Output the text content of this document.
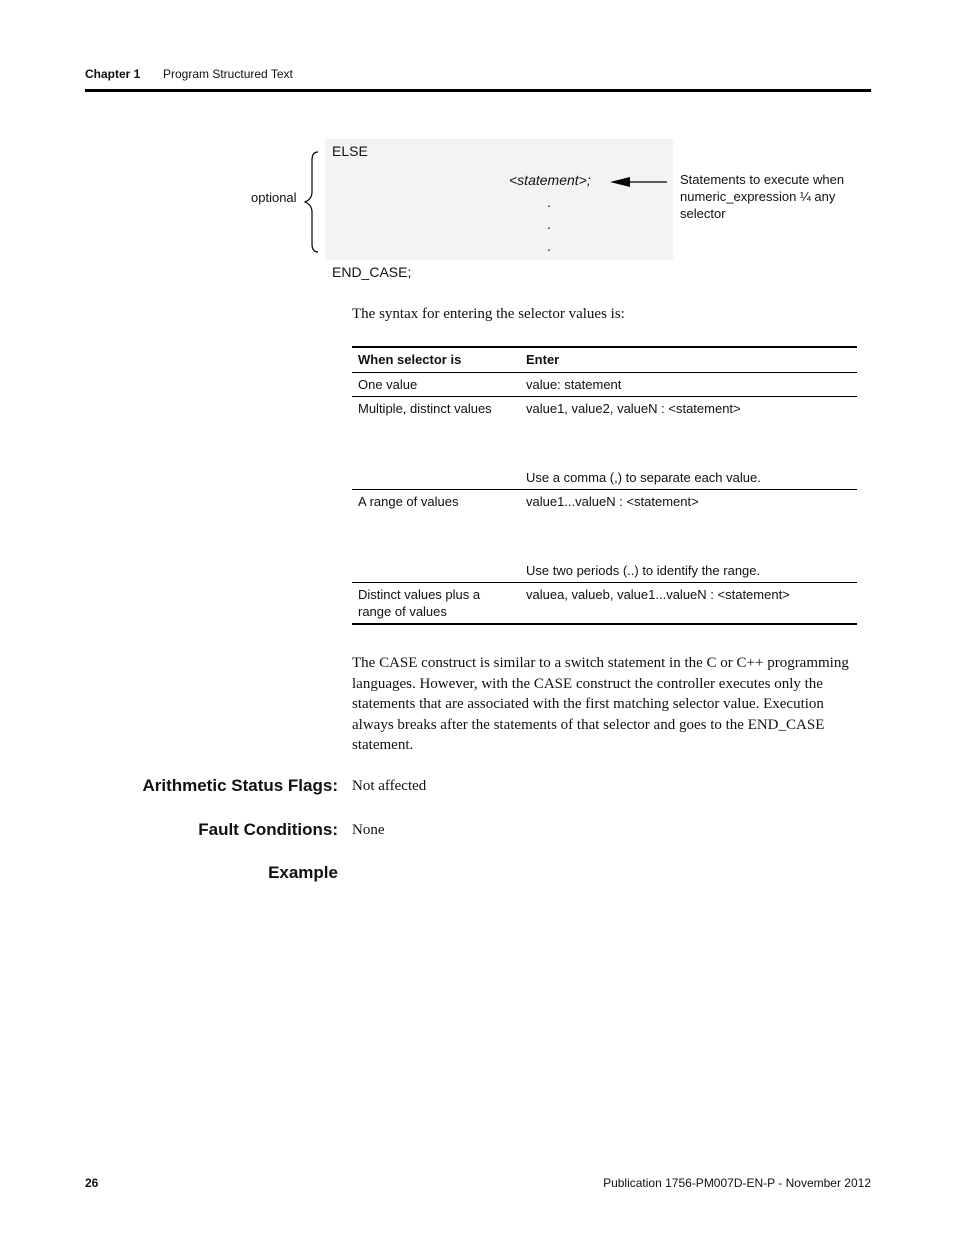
Chapter 1 Program Structured Text
ELSE
<statement>;
.
.
.
END_CASE;
optional
Statements to execute when numeric_expression ¼ any selector
The syntax for entering the selector values is:
When selector is	Enter
One value	value: statement
Multiple, distinct values	value1, value2, valueN : <statement>
Use a comma (,) to separate each value.

A range of values	value1...valueN : <statement>
Use two periods (..) to identify the range.

Distinct values plus a range of values	valuea, valueb, value1...valueN : <statement>
The CASE construct is similar to a switch statement in the C or C++ programming languages. However, with the CASE construct the controller executes only the statements that are associated with the first matching selector value. Execution always breaks after the statements of that selector and goes to the END_CASE statement.
Arithmetic Status Flags: Not affected
Fault Conditions: None
Example
26	Publication 1756-PM007D-EN-P - November 2012
